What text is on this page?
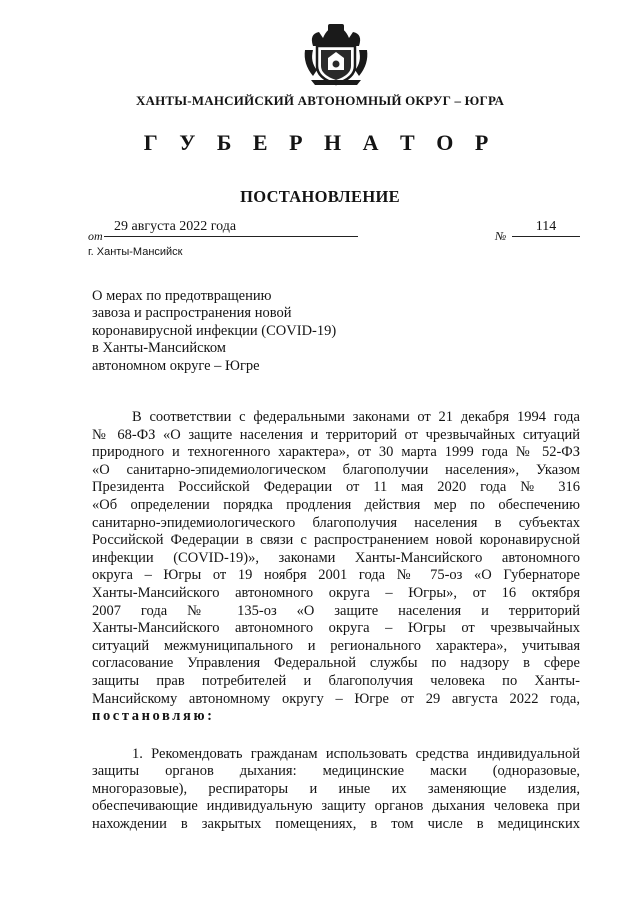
ХАНТЫ-МАНСИЙСКИЙ АВТОНОМНЫЙ ОКРУГ – ЮГРА
Г У Б Е Р Н А Т О Р
ПОСТАНОВЛЕНИЕ
от
29 августа 2022 года
№
114
г. Ханты-Мансийск
О мерах по предотвращению
завоза и распространения новой
коронавирусной инфекции (COVID-19)
в Ханты-Мансийском
автономном округе – Югре
В соответствии с федеральными законами от 21 декабря 1994 года
№ 68-ФЗ «О защите населения и территорий от чрезвычайных ситуаций
природного и техногенного характера», от 30 марта 1999 года № 52-ФЗ
«О санитарно-эпидемиологическом благополучии населения», Указом
Президента Российской Федерации от 11 мая 2020 года № 316
«Об определении порядка продления действия мер по обеспечению
санитарно-эпидемиологического благополучия населения в субъектах
Российской Федерации в связи с распространением новой коронавирусной
инфекции (COVID-19)», законами Ханты-Мансийского автономного
округа – Югры от 19 ноября 2001 года № 75-оз «О Губернаторе
Ханты-Мансийского автономного округа – Югры», от 16 октября
2007 года № 135-оз «О защите населения и территорий
Ханты-Мансийского автономного округа – Югры от чрезвычайных
ситуаций межмуниципального и регионального характера», учитывая
согласование Управления Федеральной службы по надзору в сфере
защиты прав потребителей и благополучия человека по Ханты-
Мансийскому автономному округу – Югре от 29 августа 2022 года,
постановляю:
1. Рекомендовать гражданам использовать средства индивидуальной
защиты органов дыхания: медицинские маски (одноразовые,
многоразовые), респираторы и иные их заменяющие изделия,
обеспечивающие индивидуальную защиту органов дыхания человека при
нахождении в закрытых помещениях, в том числе в медицинских
